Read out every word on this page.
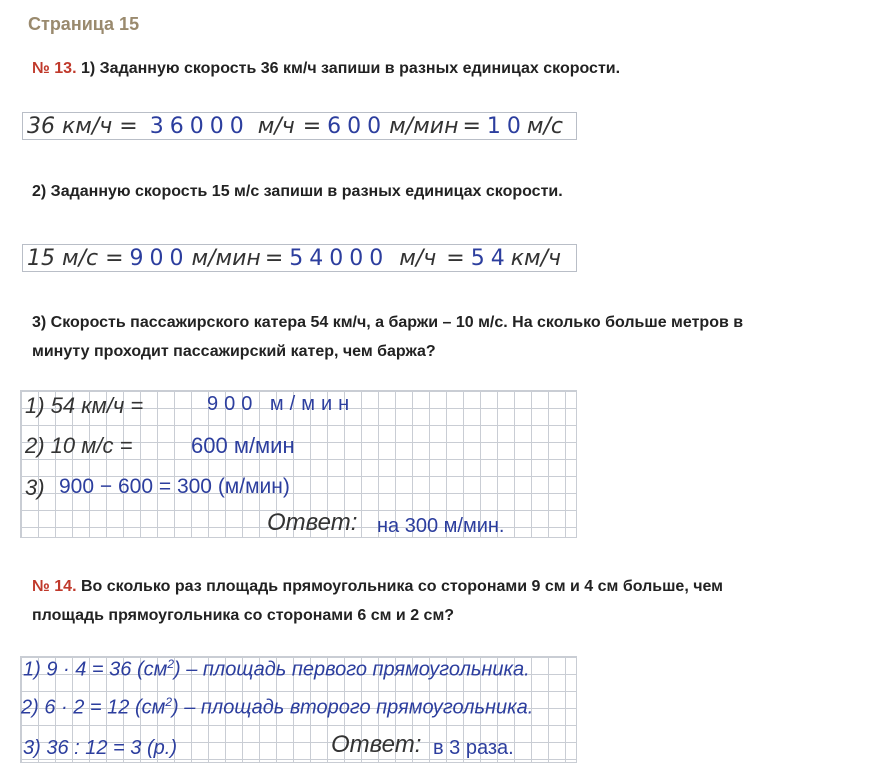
Страница 15
№ 13. 1) Заданную скорость 36 км/ч запиши в разных единицах скорости.
36 км/ч = 36000 м/ч = 600 м/мин = 10 м/с
2) Заданную скорость 15 м/с запиши в разных единицах скорости.
15 м/с = 900 м/мин = 54000 м/ч = 54 км/ч
3) Скорость пассажирского катера 54 км/ч, а баржи – 10 м/с. На сколько больше метров в
минуту проходит пассажирский катер, чем баржа?
1) 54 км/ч =	900 м/мин
2) 10 м/с =	600 м/мин
3) 900 − 600 = 300 (м/мин)
Ответ: на 300 м/мин.
№ 14. Во сколько раз площадь прямоугольника со сторонами 9 см и 4 см больше, чем
площадь прямоугольника со сторонами 6 см и 2 см?
1) 9 · 4 = 36 $(см^2)$ – площадь первого прямоугольника.
2) 6 · 2 = 12 $(см^2)$ – площадь второго прямоугольника.
3) 36 : 12 = 3 (р.)	Ответ: в 3 раза.
